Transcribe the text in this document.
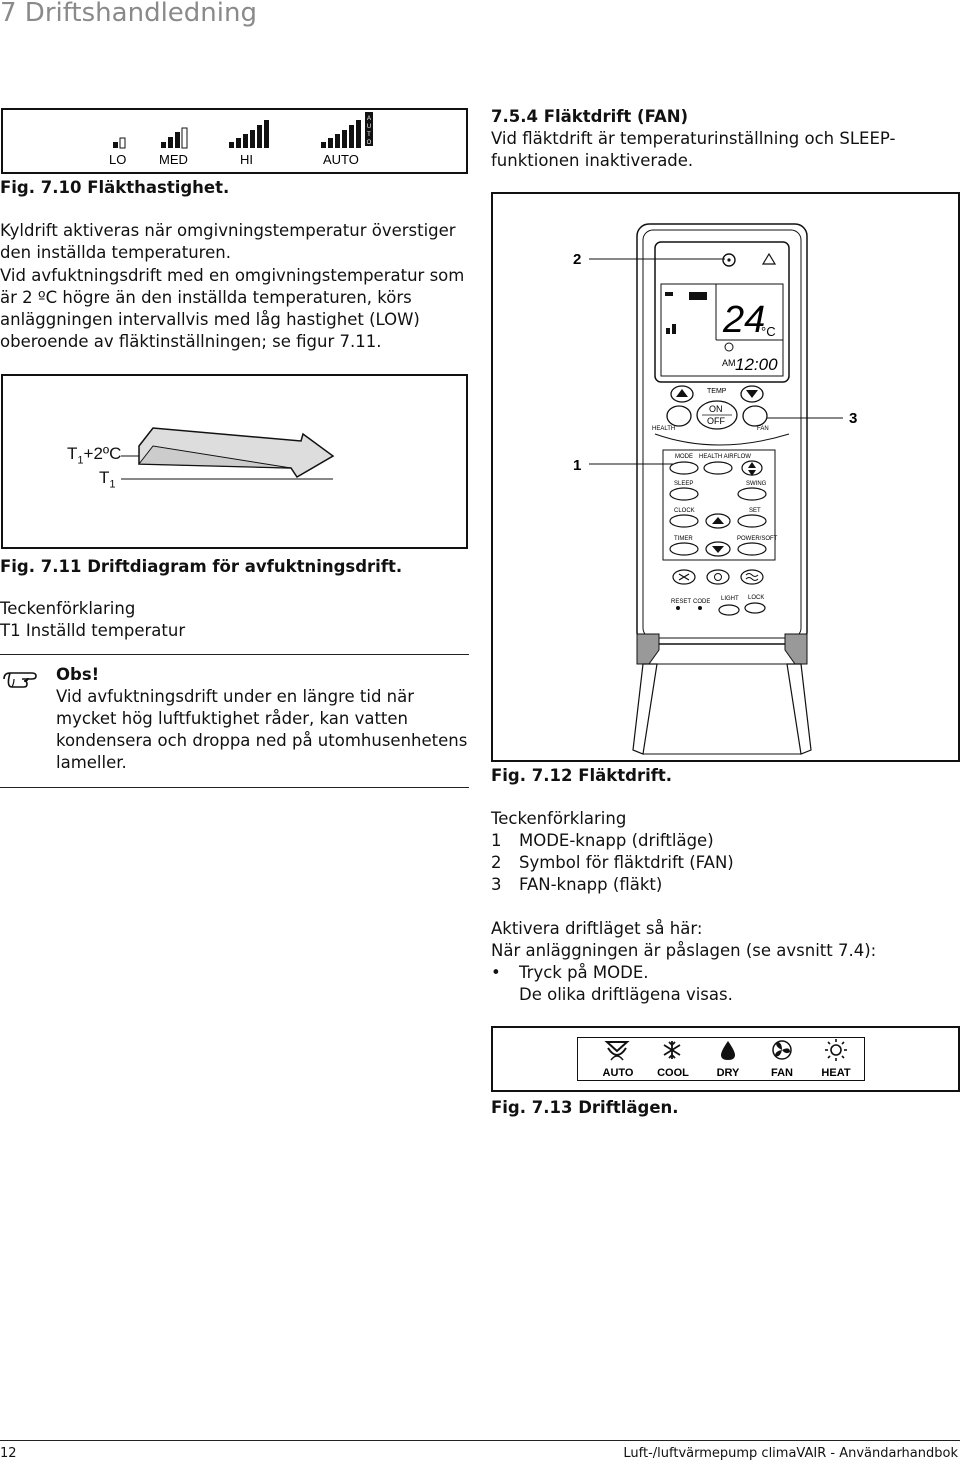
7 Driftshandledning
A
U
T
O
LO	MED	HI	AUTO
Fig. 7.10 Fläkthastighet.
Kyldrift aktiveras när omgivningstemperatur överstiger den inställda temperaturen.
Vid avfuktningsdrift med en omgivningstemperatur som är 2 ºC högre än den inställda temperaturen, körs anläggningen intervallvis med låg hastighet (LOW) oberoende av fläktinställningen; se figur 7.11.
$T_1+2ºC$
$T_1$
Fig. 7.11 Driftdiagram för avfuktningsdrift.
Teckenförklaring
T1 Inställd temperatur
Obs!
Vid avfuktningsdrift under en längre tid när mycket hög luftfuktighet råder, kan vatten kondensera och droppa ned på utomhusenhetens lameller.
7.5.4 Fläktdrift (FAN)
Vid fläktdrift är temperaturinställning och SLEEP-funktionen inaktiverade.
24
°C
AM 12:00
TEMP
ON
OFF
HEALTH	FAN
MODE HEALTH AIRFLOW
SLEEP	SWING
CLOCK	SET
TIMER	POWER/SOFT
RESET CODE LIGHT LOCK
2
1
3
Fig. 7.12 Fläktdrift.
Teckenförklaring
1 MODE-knapp (driftläge)
2 Symbol för fläktdrift (FAN)
3 FAN-knapp (fläkt)
Aktivera driftläget så här:
När anläggningen är påslagen (se avsnitt 7.4):
• Tryck på MODE.
De olika driftlägena visas.
AUTO COOL	DRY	FAN	HEAT
Fig. 7.13 Driftlägen.
12	Luft-/luftvärmepump climaVAIR - Användarhandbok
